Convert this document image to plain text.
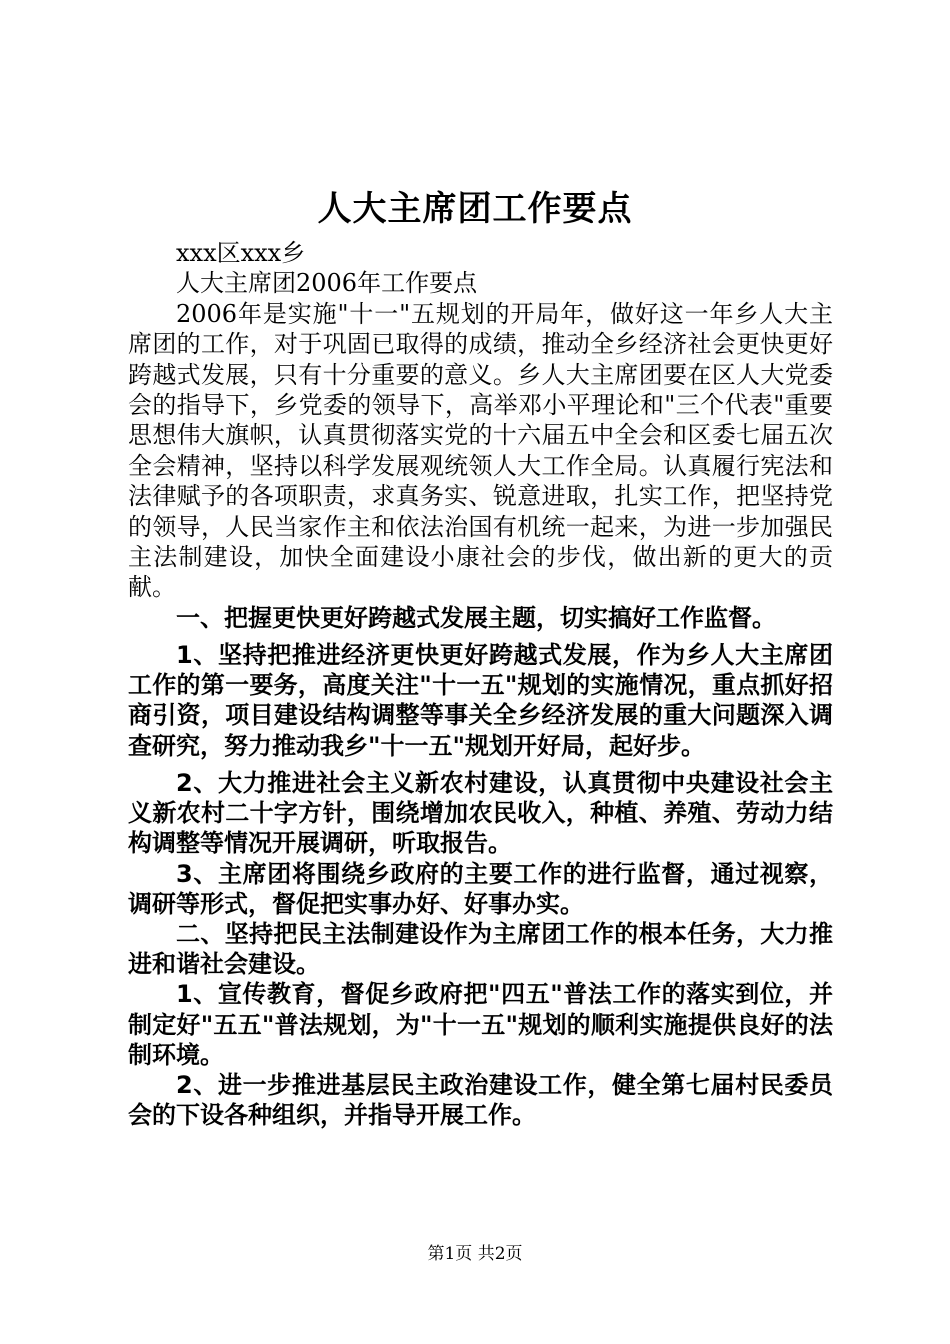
人大主席团工作要点

xxx区xxx乡

人大主席团2006年工作要点

2006年是实施"十一"五规划的开局年，做好这一年乡人大主席团的工作，对于巩固已取得的成绩，推动全乡经济社会更快更好跨越式发展，只有十分重要的意义。乡人大主席团要在区人大党委会的指导下，乡党委的领导下，高举邓小平理论和"三个代表"重要思想伟大旗帜，认真贯彻落实党的十六届五中全会和区委七届五次全会精神，坚持以科学发展观统领人大工作全局。认真履行宪法和法律赋予的各项职责，求真务实、锐意进取，扎实工作，把坚持党的领导，人民当家作主和依法治国有机统一起来，为进一步加强民主法制建设，加快全面建设小康社会的步伐，做出新的更大的贡献。

一、把握更快更好跨越式发展主题，切实搞好工作监督。

1、坚持把推进经济更快更好跨越式发展，作为乡人大主席团工作的第一要务，高度关注"十一五"规划的实施情况，重点抓好招商引资，项目建设结构调整等事关全乡经济发展的重大问题深入调查研究，努力推动我乡"十一五"规划开好局，起好步。

2、大力推进社会主义新农村建设，认真贯彻中央建设社会主义新农村二十字方针，围绕增加农民收入，种植、养殖、劳动力结构调整等情况开展调研，听取报告。

3、主席团将围绕乡政府的主要工作的进行监督，通过视察，调研等形式，督促把实事办好、好事办实。

二、坚持把民主法制建设作为主席团工作的根本任务，大力推进和谐社会建设。

1、宣传教育，督促乡政府把"四五"普法工作的落实到位，并制定好"五五"普法规划，为"十一五"规划的顺利实施提供良好的法制环境。

2、进一步推进基层民主政治建设工作，健全第七届村民委员会的下设各种组织，并指导开展工作。

第1页 共2页
